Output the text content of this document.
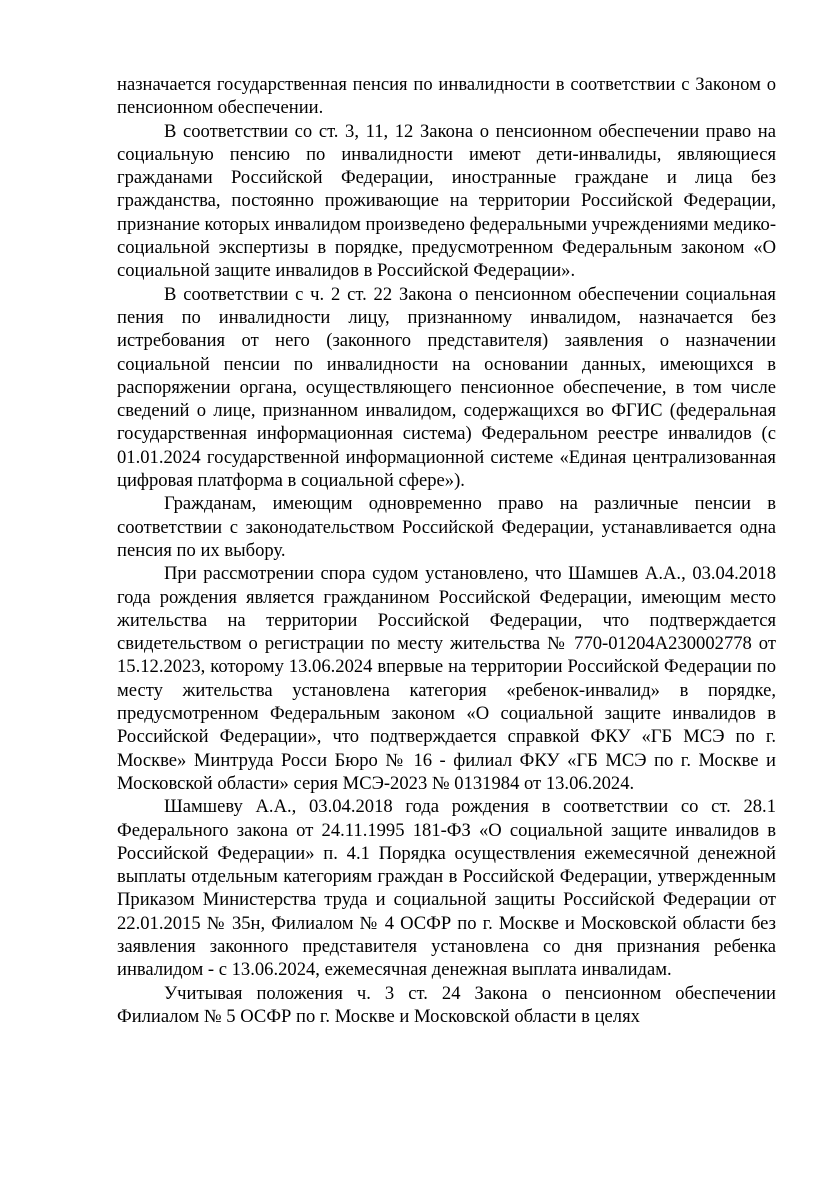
назначается государственная пенсия по инвалидности в соответствии с Законом о пенсионном обеспечении.

В соответствии со ст. 3, 11, 12 Закона о пенсионном обеспечении право на социальную пенсию по инвалидности имеют дети-инвалиды, являющиеся гражданами Российской Федерации, иностранные граждане и лица без гражданства, постоянно проживающие на территории Российской Федерации, признание которых инвалидом произведено федеральными учреждениями медико-социальной экспертизы в порядке, предусмотренном Федеральным законом «О социальной защите инвалидов в Российской Федерации».

В соответствии с ч. 2 ст. 22 Закона о пенсионном обеспечении социальная пения по инвалидности лицу, признанному инвалидом, назначается без истребования от него (законного представителя) заявления о назначении социальной пенсии по инвалидности на основании данных, имеющихся в распоряжении органа, осуществляющего пенсионное обеспечение, в том числе сведений о лице, признанном инвалидом, содержащихся во ФГИС (федеральная государственная информационная система) Федеральном реестре инвалидов (с 01.01.2024 государственной информационной системе «Единая централизованная цифровая платформа в социальной сфере»).

Гражданам, имеющим одновременно право на различные пенсии в соответствии с законодательством Российской Федерации, устанавливается одна пенсия по их выбору.

При рассмотрении спора судом установлено, что Шамшев А.А., 03.04.2018 года рождения является гражданином Российской Федерации, имеющим место жительства на территории Российской Федерации, что подтверждается свидетельством о регистрации по месту жительства № 770-01204А230002778 от 15.12.2023, которому 13.06.2024 впервые на территории Российской Федерации по месту жительства установлена категория «ребенок-инвалид» в порядке, предусмотренном Федеральным законом «О социальной защите инвалидов в Российской Федерации», что подтверждается справкой ФКУ «ГБ МСЭ по г. Москве» Минтруда Росси Бюро № 16 - филиал ФКУ «ГБ МСЭ по г. Москве и Московской области» серия МСЭ-2023 № 0131984 от 13.06.2024.

Шамшеву А.А., 03.04.2018 года рождения в соответствии со ст. 28.1 Федерального закона от 24.11.1995 181-ФЗ «О социальной защите инвалидов в Российской Федерации» п. 4.1 Порядка осуществления ежемесячной денежной выплаты отдельным категориям граждан в Российской Федерации, утвержденным Приказом Министерства труда и социальной защиты Российской Федерации от 22.01.2015 № 35н, Филиалом № 4 ОСФР по г. Москве и Московской области без заявления законного представителя установлена со дня признания ребенка инвалидом - с 13.06.2024, ежемесячная денежная выплата инвалидам.

Учитывая положения ч. 3 ст. 24 Закона о пенсионном обеспечении Филиалом № 5 ОСФР по г. Москве и Московской области в целях
